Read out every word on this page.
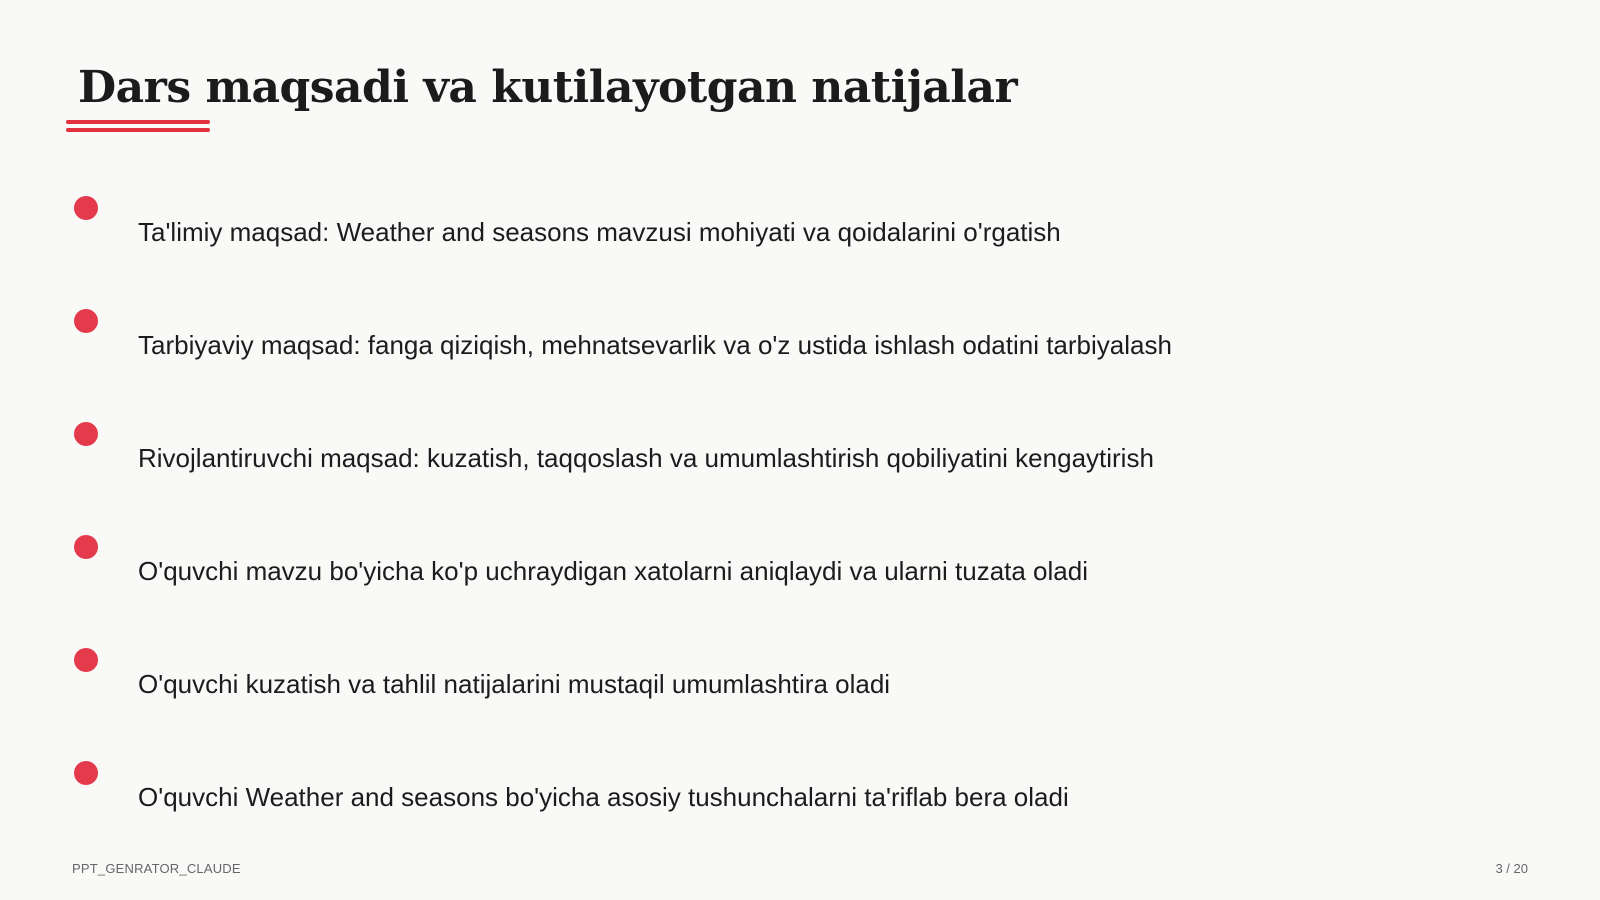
Dars maqsadi va kutilayotgan natijalar
Ta'limiy maqsad: Weather and seasons mavzusi mohiyati va qoidalarini o'rgatish
Tarbiyaviy maqsad: fanga qiziqish, mehnatsevarlik va o'z ustida ishlash odatini tarbiyalash
Rivojlantiruvchi maqsad: kuzatish, taqqoslash va umumlashtirish qobiliyatini kengaytirish
O'quvchi mavzu bo'yicha ko'p uchraydigan xatolarni aniqlaydi va ularni tuzata oladi
O'quvchi kuzatish va tahlil natijalarini mustaqil umumlashtira oladi
O'quvchi Weather and seasons bo'yicha asosiy tushunchalarni ta'riflab bera oladi
PPT_GENRATOR_CLAUDE	3 / 20
